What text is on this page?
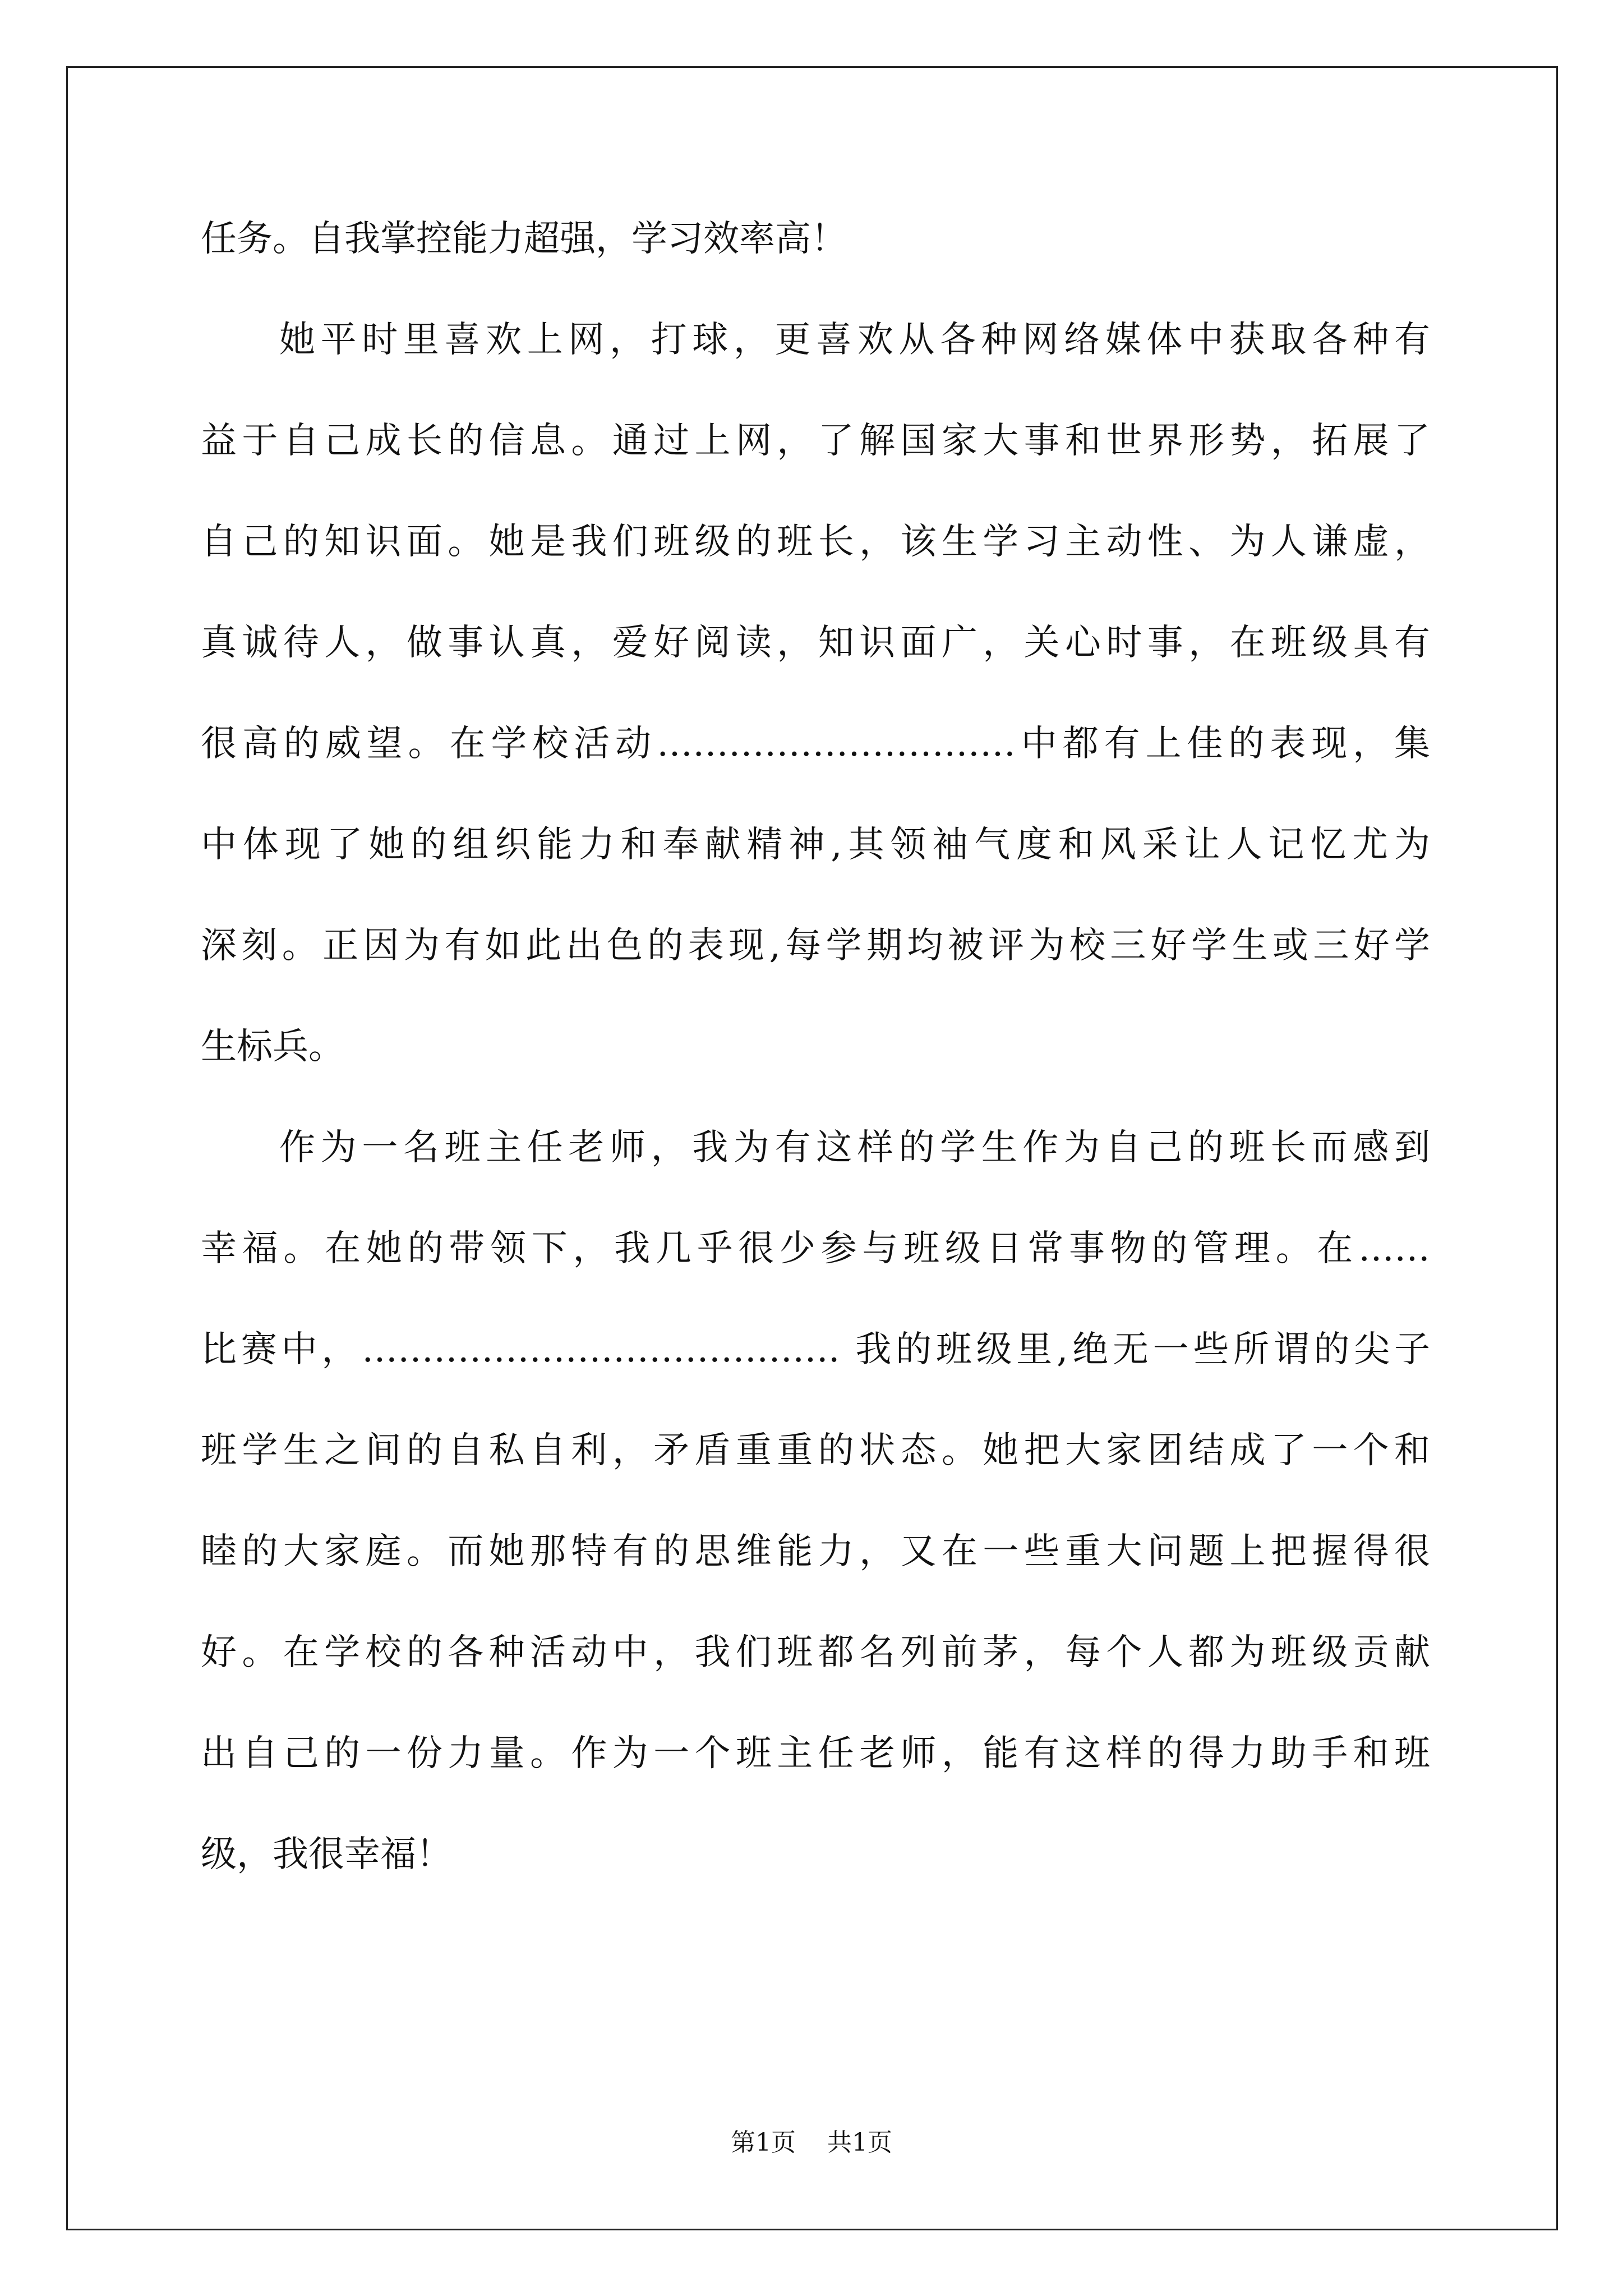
任务。自我掌控能力超强，学习效率高！
她平时里喜欢上网，打球，更喜欢从各种网络媒体中获取各种有
益于自己成长的信息。通过上网，了解国家大事和世界形势，拓展了
自己的知识面。她是我们班级的班长，该生学习主动性、为人谦虚，
真诚待人，做事认真，爱好阅读，知识面广，关心时事，在班级具有
很高的威望。在学校活动…………………………中都有上佳的表现，集
中体现了她的组织能力和奉献精神,其领袖气度和风采让人记忆尤为
深刻。正因为有如此出色的表现,每学期均被评为校三好学生或三好学
生标兵。
作为一名班主任老师，我为有这样的学生作为自己的班长而感到
幸福。在她的带领下，我几乎很少参与班级日常事物的管理。在……
比赛中，…………………………………. 我的班级里,绝无一些所谓的尖子
班学生之间的自私自利，矛盾重重的状态。她把大家团结成了一个和
睦的大家庭。而她那特有的思维能力，又在一些重大问题上把握得很
好。在学校的各种活动中，我们班都名列前茅，每个人都为班级贡献
出自己的一份力量。作为一个班主任老师，能有这样的得力助手和班
级，我很幸福！
第1页 共1页
